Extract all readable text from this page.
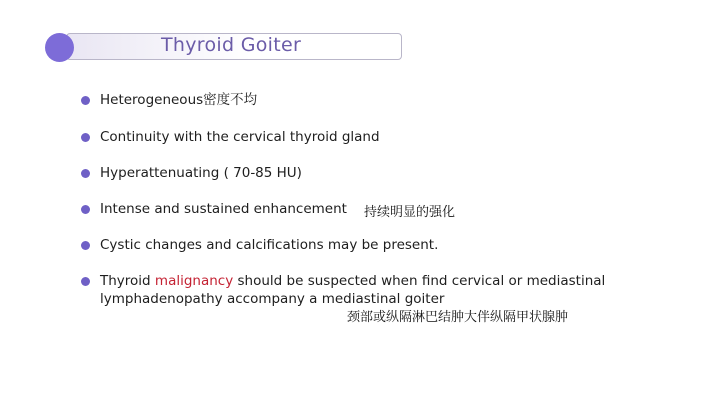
Thyroid Goiter
Heterogeneous密度不均
Continuity with the cervical thyroid gland
Hyperattenuating ( 70-85 HU)
Intense and sustained enhancement 持续明显的强化
Cystic changes and calcifications may be present.
Thyroid malignancy should be suspected when find cervical or mediastinal
lymphadenopathy accompany a mediastinal goiter
颈部或纵隔淋巴结肿大伴纵隔甲状腺肿
